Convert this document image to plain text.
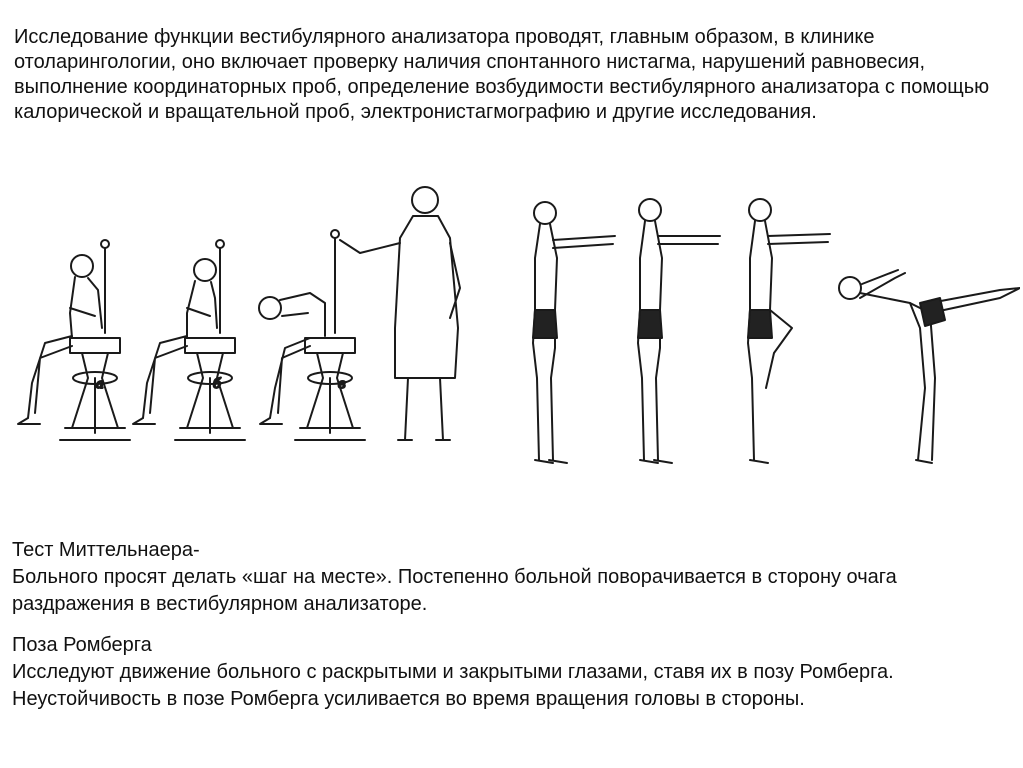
Исследование функции вестибулярного анализатора проводят, главным образом, в клинике отоларингологии, оно включает проверку наличия спонтанного нистагма, нарушений равновесия, выполнение координаторных проб, определение возбудимости вестибулярного анализатора с помощью калорической и вращательной проб, электронистагмографию и другие исследования.

а	б	в

Тест Миттельнаера-

Больного просят делать «шаг на месте». Постепенно больной поворачивается в сторону очага раздражения в вестибулярном анализаторе.

Поза Ромберга

Исследуют движение больного с раскрытыми и закрытыми глазами, ставя их в позу Ромберга. Неустойчивость в позе Ромберга усиливается во время вращения головы в стороны.
